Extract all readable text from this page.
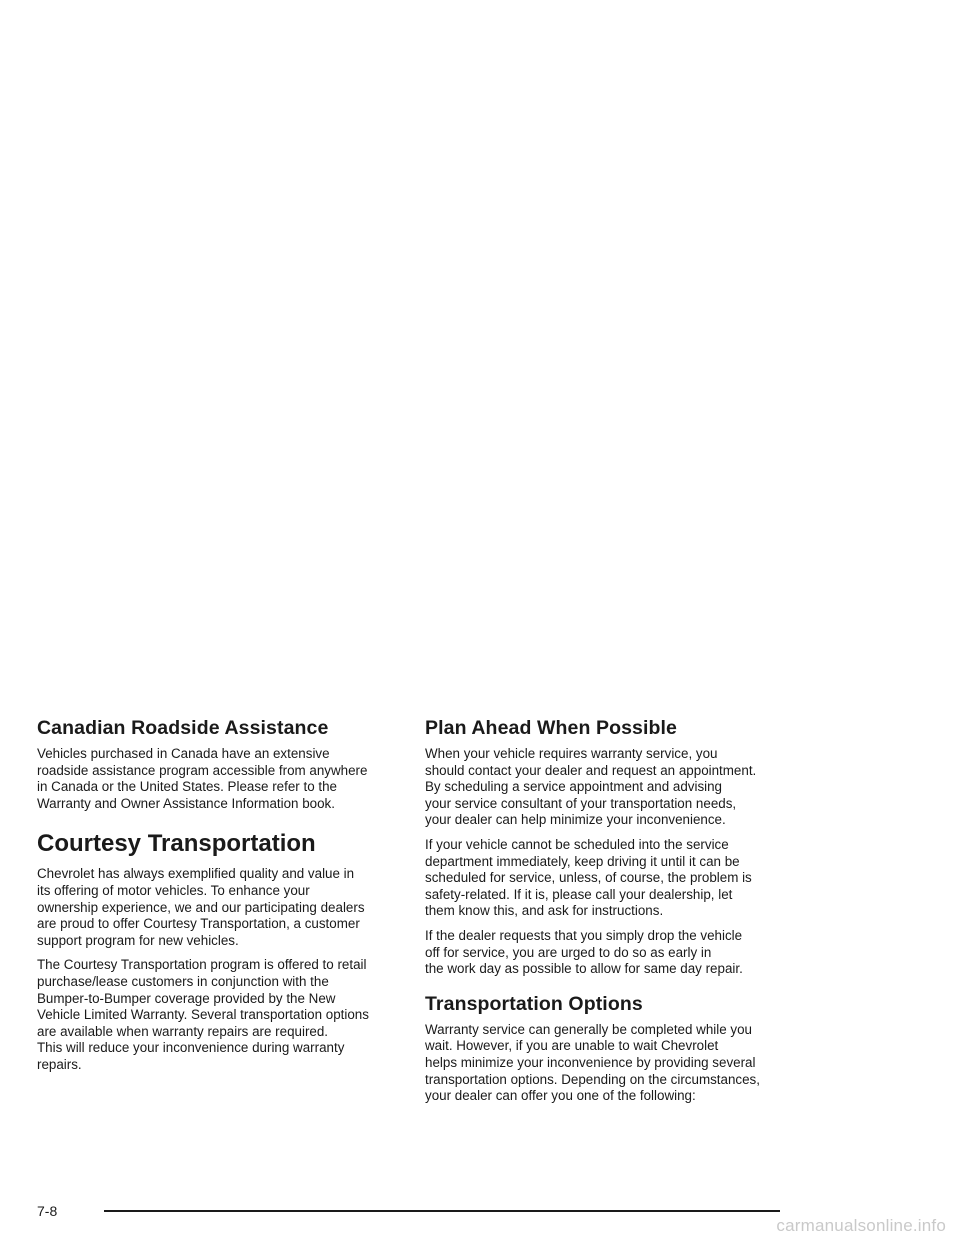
Canadian Roadside Assistance

Vehicles purchased in Canada have an extensive
roadside assistance program accessible from anywhere
in Canada or the United States. Please refer to the
Warranty and Owner Assistance Information book.

Courtesy Transportation

Chevrolet has always exemplified quality and value in
its offering of motor vehicles. To enhance your
ownership experience, we and our participating dealers
are proud to offer Courtesy Transportation, a customer
support program for new vehicles.

The Courtesy Transportation program is offered to retail
purchase/lease customers in conjunction with the
Bumper-to-Bumper coverage provided by the New
Vehicle Limited Warranty. Several transportation options
are available when warranty repairs are required.
This will reduce your inconvenience during warranty
repairs.

Plan Ahead When Possible

When your vehicle requires warranty service, you
should contact your dealer and request an appointment.
By scheduling a service appointment and advising
your service consultant of your transportation needs,
your dealer can help minimize your inconvenience.

If your vehicle cannot be scheduled into the service
department immediately, keep driving it until it can be
scheduled for service, unless, of course, the problem is
safety-related. If it is, please call your dealership, let
them know this, and ask for instructions.

If the dealer requests that you simply drop the vehicle
off for service, you are urged to do so as early in
the work day as possible to allow for same day repair.

Transportation Options

Warranty service can generally be completed while you
wait. However, if you are unable to wait Chevrolet
helps minimize your inconvenience by providing several
transportation options. Depending on the circumstances,
your dealer can offer you one of the following:

7-8
carmanualsonline.info
